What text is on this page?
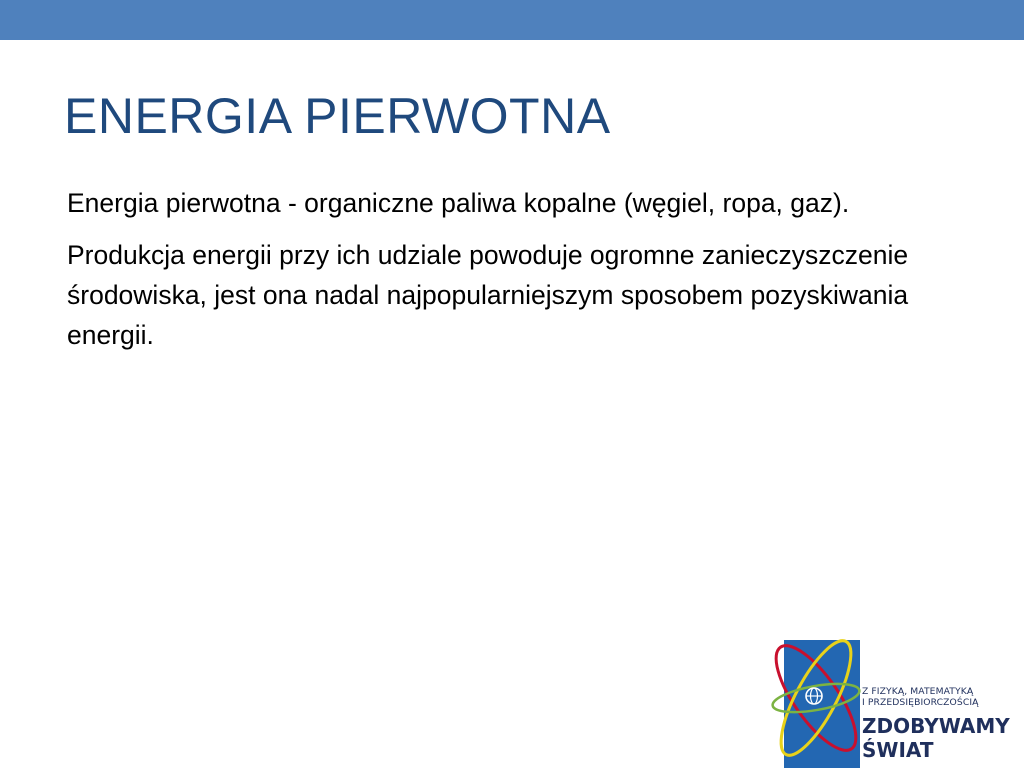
ENERGIA PIERWOTNA

Energia pierwotna - organiczne paliwa kopalne (węgiel, ropa, gaz).

Produkcja energii przy ich udziale powoduje ogromne zanieczyszczenie środowiska, jest ona nadal najpopularniejszym sposobem pozyskiwania energii.

Z FIZYKĄ, MATEMATYKĄ
I PRZEDSIĘBIORCZOŚCIĄ
ZDOBYWAMY
ŚWIAT
